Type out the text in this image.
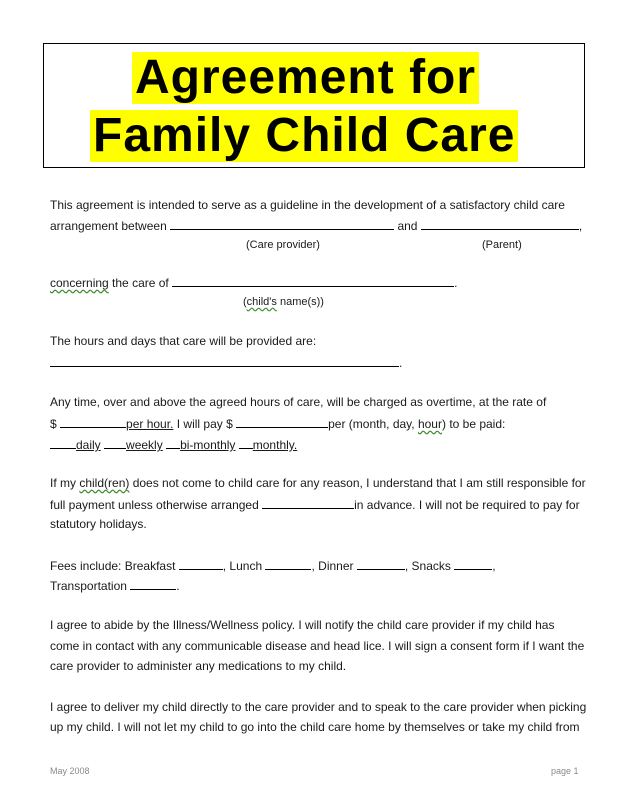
Agreement for
Family Child Care
This agreement is intended to serve as a guideline in the development of a satisfactory child care
arrangement between	and	,
(Care provider)	(Parent)
concerning the care of	.
(child's name(s))
The hours and days that care will be provided are:
.
Any time, over and above the agreed hours of care, will be charged as overtime, at the rate of
$	per hour. I will pay $	per (month, day, hour) to be paid:
daily weekly bi-monthly monthly.
If my child(ren) does not come to child care for any reason, I understand that I am still responsible for
full payment unless otherwise arranged	in advance. I will not be required to pay for
statutory holidays.
Fees include: Breakfast	, Lunch	, Dinner	, Snacks	,
Transportation	.
I agree to abide by the Illness/Wellness policy. I will notify the child care provider if my child has
come in contact with any communicable disease and head lice. I will sign a consent form if I want the
care provider to administer any medications to my child.
I agree to deliver my child directly to the care provider and to speak to the care provider when picking
up my child. I will not let my child to go into the child care home by themselves or take my child from
May 2008	page 1
